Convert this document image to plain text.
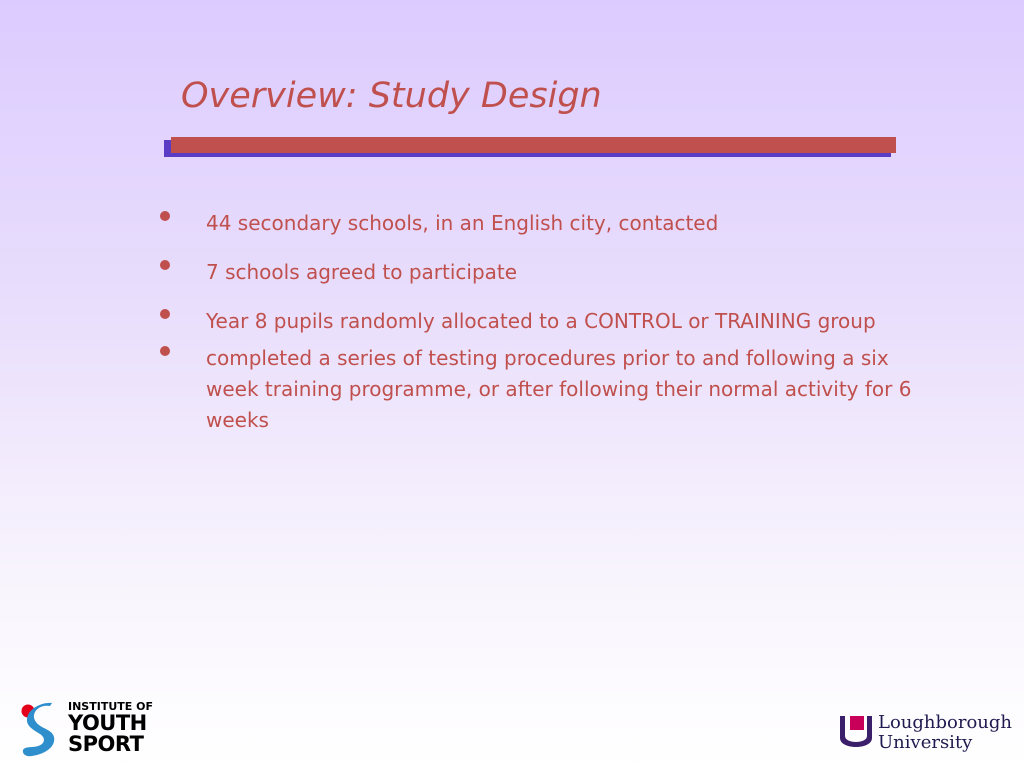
Overview: Study Design
44 secondary schools, in an English city, contacted
7 schools agreed to participate
Year 8 pupils randomly allocated to a CONTROL or TRAINING group
completed a series of testing procedures prior to and following a six week training programme, or after following their normal activity for 6 weeks
INSTITUTE OF
YOUTH
SPORT
Loughborough
University
